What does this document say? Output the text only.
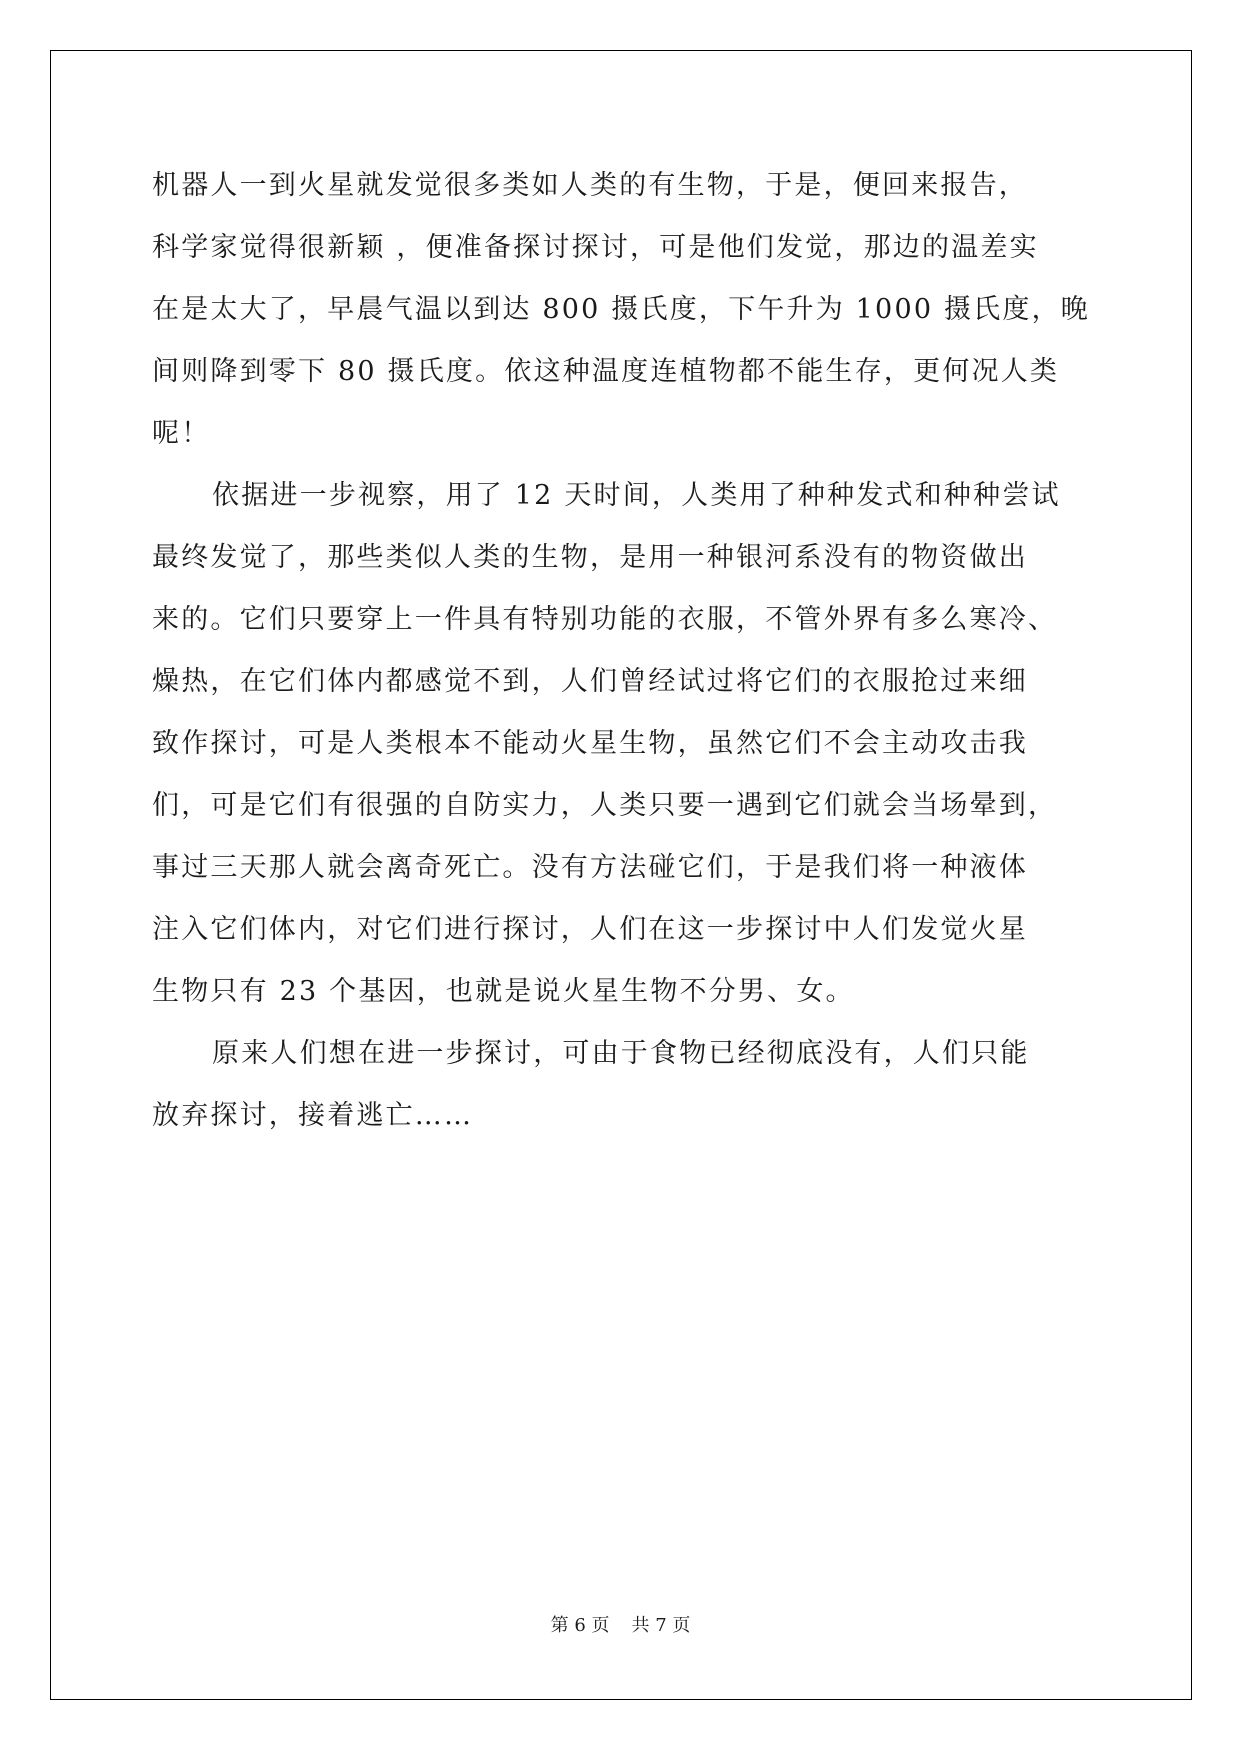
机器人一到火星就发觉很多类如人类的有生物，于是，便回来报告，
科学家觉得很新颖 ，便准备探讨探讨，可是他们发觉，那边的温差实
在是太大了，早晨气温以到达 800 摄氏度，下午升为 1000 摄氏度，晚
间则降到零下 80 摄氏度。依这种温度连植物都不能生存，更何况人类
呢！
依据进一步视察，用了 12 天时间，人类用了种种发式和种种尝试
最终发觉了，那些类似人类的生物，是用一种银河系没有的物资做出
来的。它们只要穿上一件具有特别功能的衣服，不管外界有多么寒冷、
燥热，在它们体内都感觉不到，人们曾经试过将它们的衣服抢过来细
致作探讨，可是人类根本不能动火星生物，虽然它们不会主动攻击我
们，可是它们有很强的自防实力，人类只要一遇到它们就会当场晕到，
事过三天那人就会离奇死亡。没有方法碰它们，于是我们将一种液体
注入它们体内，对它们进行探讨，人们在这一步探讨中人们发觉火星
生物只有 23 个基因，也就是说火星生物不分男、女。
原来人们想在进一步探讨，可由于食物已经彻底没有，人们只能
放弃探讨，接着逃亡……
第 6 页 共 7 页
